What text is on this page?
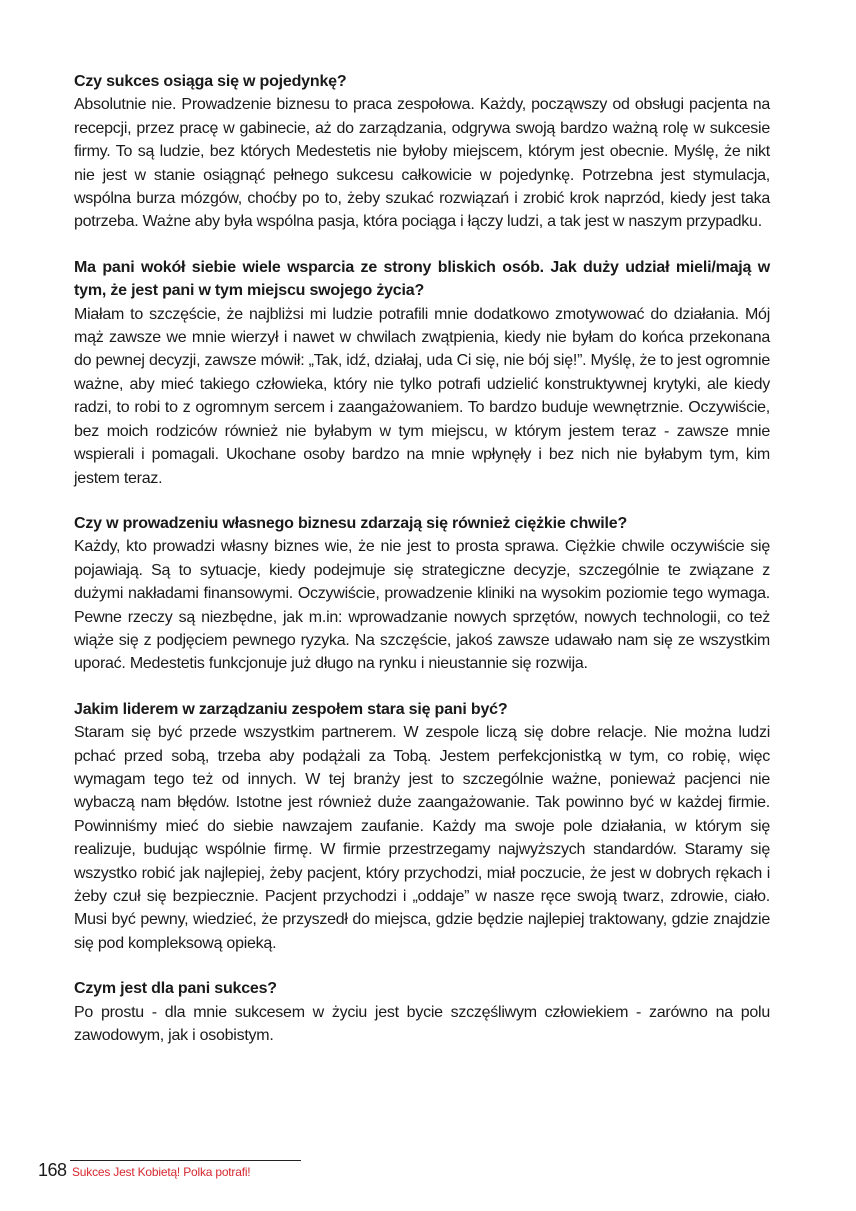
Czy sukces osiąga się w pojedynkę?

Absolutnie nie. Prowadzenie biznesu to praca zespołowa. Każdy, począwszy od obsługi pacjenta na recepcji, przez pracę w gabinecie, aż do zarządzania, odgrywa swoją bardzo ważną rolę w sukcesie firmy. To są ludzie, bez których Medestetis nie byłoby miejscem, którym jest obecnie. Myślę, że nikt nie jest w stanie osiągnąć pełnego sukcesu całkowicie w pojedynkę. Potrzebna jest stymulacja, wspólna burza mózgów, choćby po to, żeby szukać rozwiązań i zrobić krok naprzód, kiedy jest taka potrzeba. Ważne aby była wspólna pasja, która pociąga i łączy ludzi, a tak jest w naszym przypadku.

Ma pani wokół siebie wiele wsparcia ze strony bliskich osób. Jak duży udział mieli/mają w tym, że jest pani w tym miejscu swojego życia?

Miałam to szczęście, że najbliżsi mi ludzie potrafili mnie dodatkowo zmotywować do działania. Mój mąż zawsze we mnie wierzył i nawet w chwilach zwątpienia, kiedy nie byłam do końca przekonana do pewnej decyzji, zawsze mówił: „Tak, idź, działaj, uda Ci się, nie bój się!”. Myślę, że to jest ogromnie ważne, aby mieć takiego człowieka, który nie tylko potrafi udzielić konstruktywnej krytyki, ale kiedy radzi, to robi to z ogromnym sercem i zaangażowaniem. To bardzo buduje wewnętrznie. Oczywiście, bez moich rodziców również nie byłabym w tym miejscu, w którym jestem teraz - zawsze mnie wspierali i pomagali. Ukochane osoby bardzo na mnie wpłynęły i bez nich nie byłabym tym, kim jestem teraz.

Czy w prowadzeniu własnego biznesu zdarzają się również ciężkie chwile?

Każdy, kto prowadzi własny biznes wie, że nie jest to prosta sprawa. Ciężkie chwile oczywiście się pojawiają. Są to sytuacje, kiedy podejmuje się strategiczne decyzje, szczególnie te związane z dużymi nakładami finansowymi. Oczywiście, prowadzenie kliniki na wysokim poziomie tego wymaga. Pewne rzeczy są niezbędne, jak m.in: wprowadzanie nowych sprzętów, nowych technologii, co też wiąże się z podjęciem pewnego ryzyka. Na szczęście, jakoś zawsze udawało nam się ze wszystkim uporać. Medestetis funkcjonuje już długo na rynku i nieustannie się rozwija.

Jakim liderem w zarządzaniu zespołem stara się pani być?

Staram się być przede wszystkim partnerem. W zespole liczą się dobre relacje. Nie można ludzi pchać przed sobą, trzeba aby podążali za Tobą. Jestem perfekcjonistką w tym, co robię, więc wymagam tego też od innych. W tej branży jest to szczególnie ważne, ponieważ pacjenci nie wybaczą nam błędów. Istotne jest również duże zaangażowanie. Tak powinno być w każdej firmie. Powinniśmy mieć do siebie nawzajem zaufanie. Każdy ma swoje pole działania, w którym się realizuje, budując wspólnie firmę. W firmie przestrzegamy najwyższych standardów. Staramy się wszystko robić jak najlepiej, żeby pacjent, który przychodzi, miał poczucie, że jest w dobrych rękach i żeby czuł się bezpiecznie. Pacjent przychodzi i „oddaje” w nasze ręce swoją twarz, zdrowie, ciało. Musi być pewny, wiedzieć, że przyszedł do miejsca, gdzie będzie najlepiej traktowany, gdzie znajdzie się pod kompleksową opieką.

Czym jest dla pani sukces?

Po prostu - dla mnie sukcesem w życiu jest bycie szczęśliwym człowiekiem - zarówno na polu zawodowym, jak i osobistym.

168 Sukces Jest Kobietą! Polka potrafi!
